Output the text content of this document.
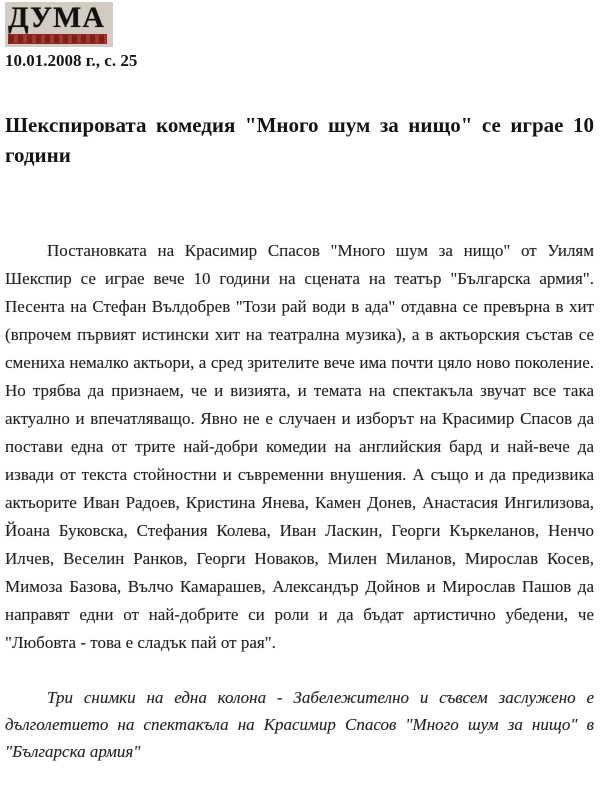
ДУМА
10.01.2008 г., с. 25
Шекспировата комедия "Много шум за нищо" се играе 10 години

Постановката на Красимир Спасов "Много шум за нищо" от Уилям Шекспир се играе вече 10 години на сцената на театър "Българска армия". Песента на Стефан Вълдобрев "Този рай води в ада" отдавна се превърна в хит (впрочем първият истински хит на театрална музика), а в актьорския състав се смениха немалко актьори, а сред зрителите вече има почти цяло ново поколение. Но трябва да признаем, че и визията, и темата на спектакъла звучат все така актуално и впечатляващо. Явно не е случаен и изборът на Красимир Спасов да постави една от трите най-добри комедии на английския бард и най-вече да извади от текста стойностни и съвременни внушения. А също и да предизвика актьорите Иван Радоев, Кристина Янева, Камен Донев, Анастасия Ингилизова, Йоана Буковска, Стефания Колева, Иван Ласкин, Георги Къркеланов, Ненчо Илчев, Веселин Ранков, Георги Новаков, Милен Миланов, Мирослав Косев, Мимоза Базова, Вълчо Камарашев, Александър Дойнов и Мирослав Пашов да направят едни от най-добрите си роли и да бъдат артистично убедени, че "Любовта - това е сладък пай от рая".

Три снимки на една колона - Забележително и съвсем заслужено е дълголетието на спектакъла на Красимир Спасов "Много шум за нищо" в "Българска армия"
